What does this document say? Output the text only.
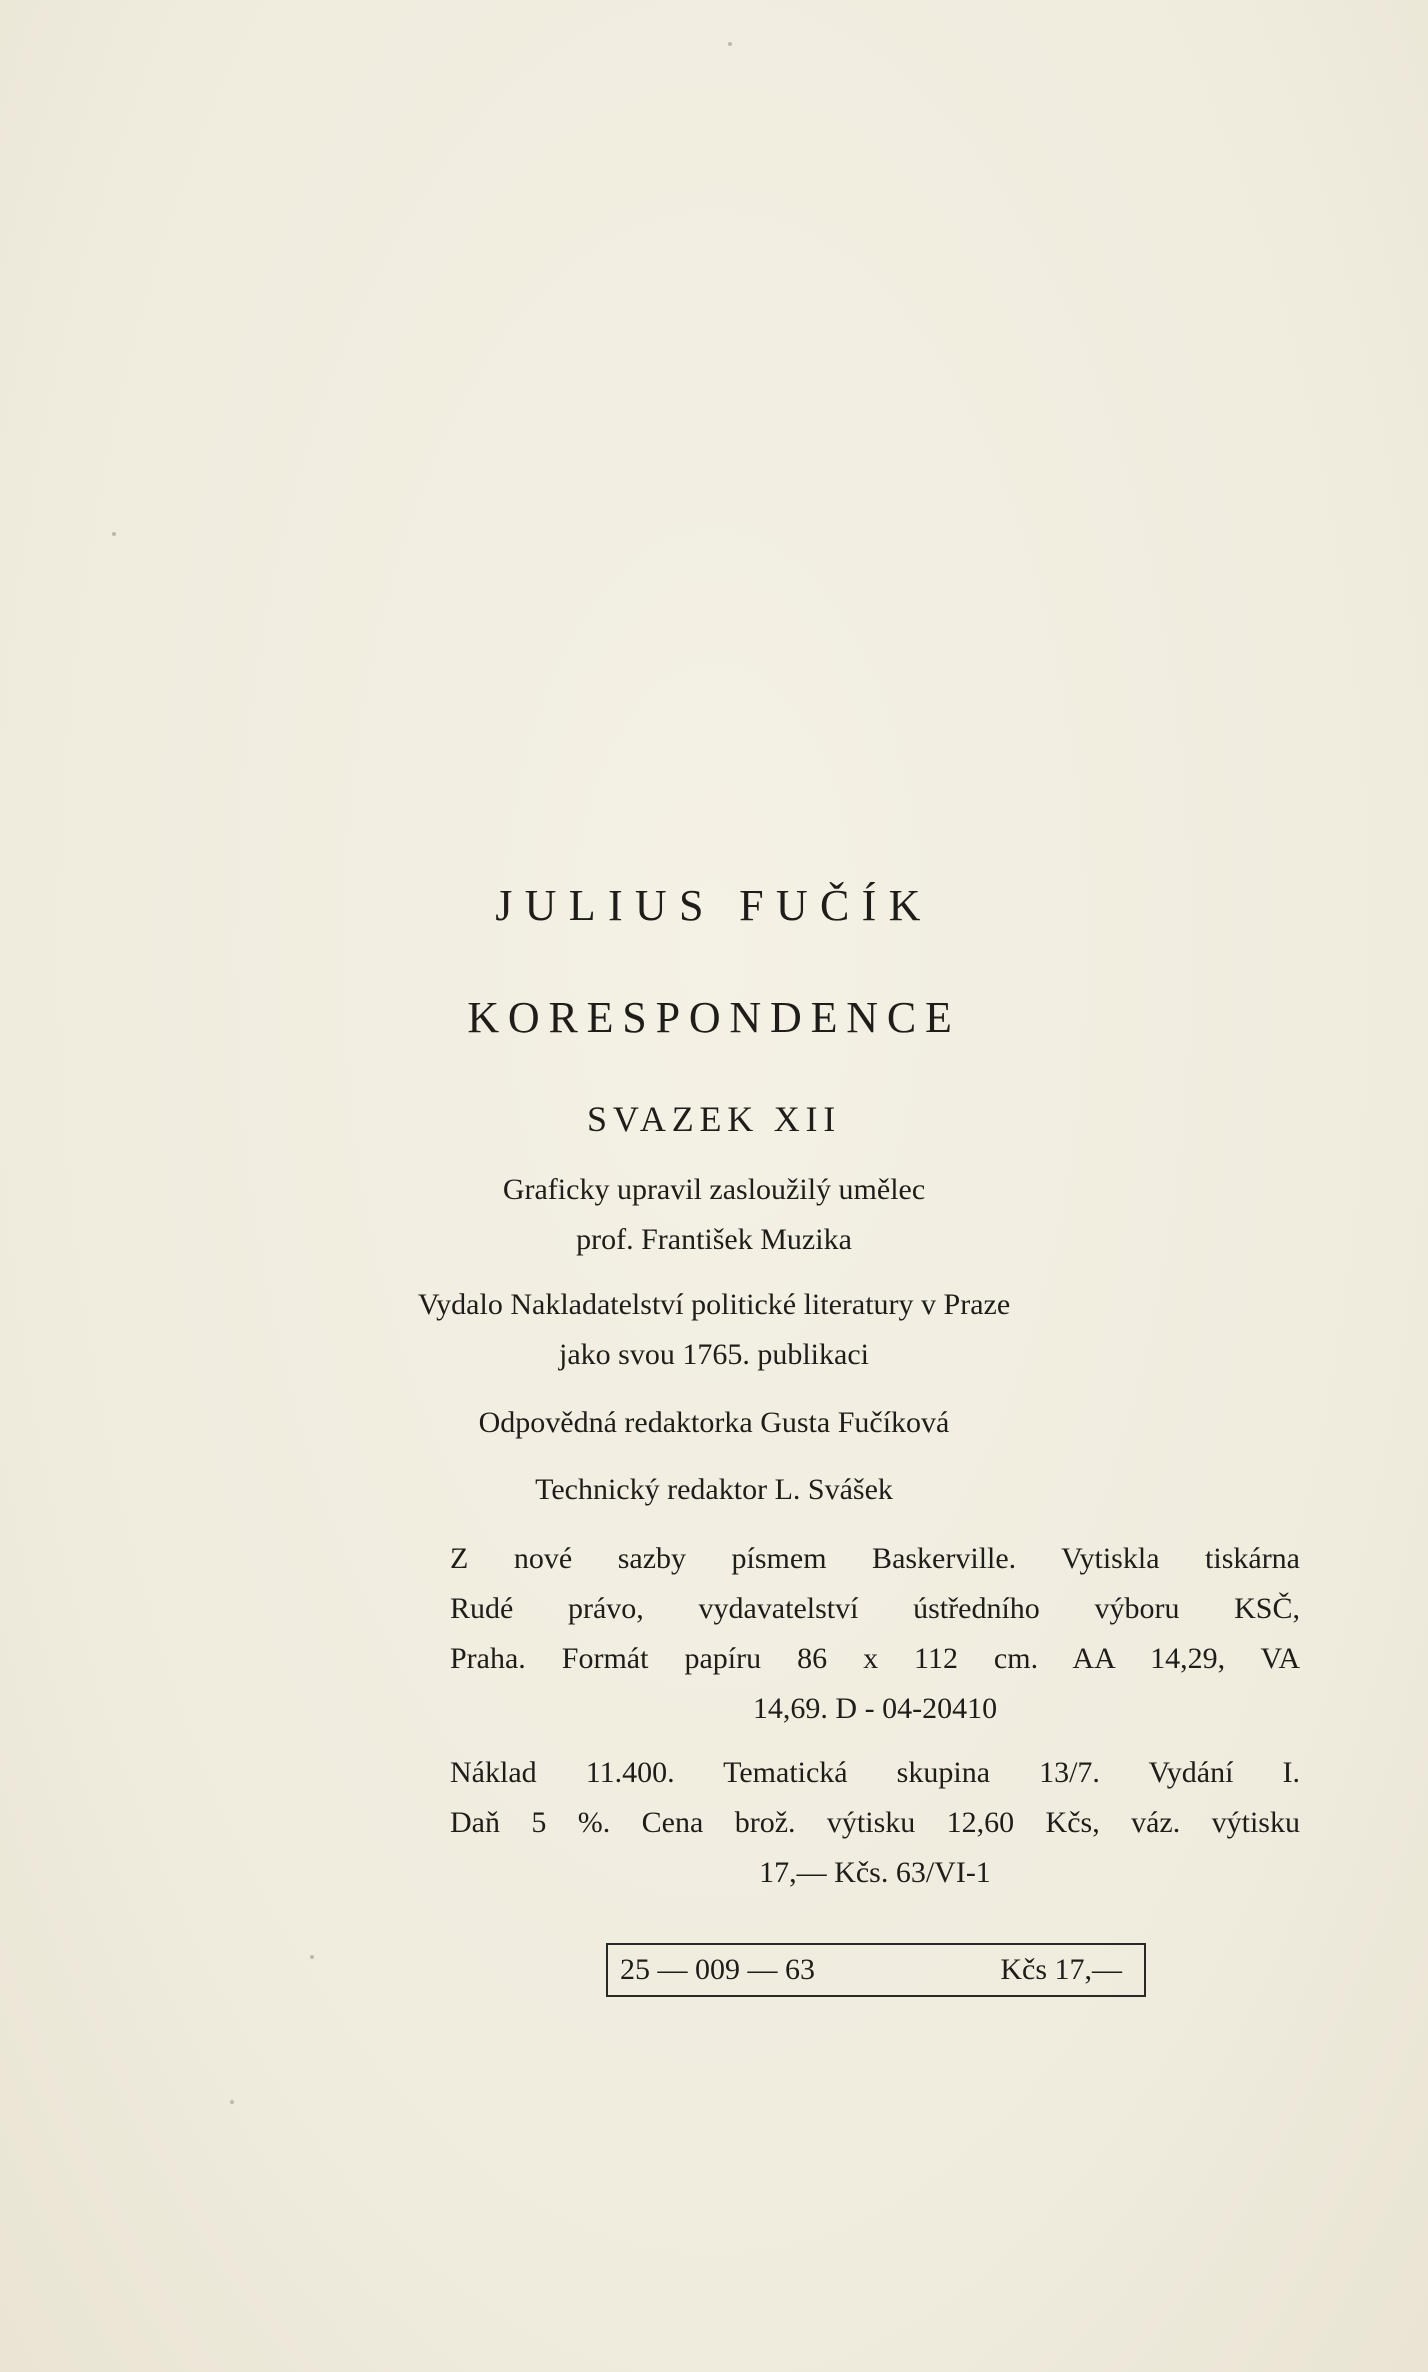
JULIUS FUČÍK
KORESPONDENCE
SVAZEK XII
Graficky upravil zasloužilý umělec
prof. František Muzika
Vydalo Nakladatelství politické literatury v Praze
jako svou 1765. publikaci
Odpovědná redaktorka Gusta Fučíková
Technický redaktor L. Svášek
Z nové sazby písmem Baskerville. Vytiskla tiskárna
Rudé právo, vydavatelství ústředního výboru KSČ,
Praha. Formát papíru 86 x 112 cm. AA 14,29, VA
14,69. D - 04-20410
Náklad 11.400. Tematická skupina 13/7. Vydání I.
Daň 5 %. Cena brož. výtisku 12,60 Kčs, váz. výtisku
17,— Kčs. 63/VI-1
25 — 009 — 63	Kčs 17,—
